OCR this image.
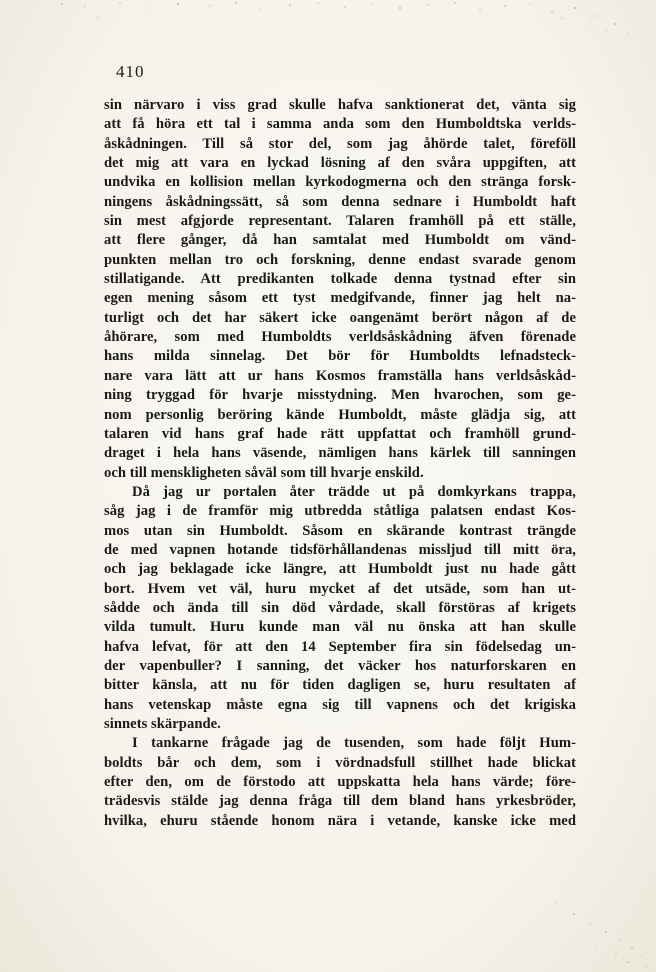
410
sin närvaro i viss grad skulle hafva sanktionerat det, vänta sig
att få höra ett tal i samma anda som den Humboldtska verlds-
åskådningen. Till så stor del, som jag åhörde talet, föreföll
det mig att vara en lyckad lösning af den svåra uppgiften, att
undvika en kollision mellan kyrkodogmerna och den stränga forsk-
ningens åskådningssätt, så som denna sednare i Humboldt haft
sin mest afgjorde representant. Talaren framhöll på ett ställe,
att flere gånger, då han samtalat med Humboldt om vänd-
punkten mellan tro och forskning, denne endast svarade genom
stillatigande. Att predikanten tolkade denna tystnad efter sin
egen mening såsom ett tyst medgifvande, finner jag helt na-
turligt och det har säkert icke oangenämt berört någon af de
åhörare, som med Humboldts verldsåskådning äfven förenade
hans milda sinnelag. Det bör för Humboldts lefnadsteck-
nare vara lätt att ur hans Kosmos framställa hans verldsåskåd-
ning tryggad för hvarje misstydning. Men hvarochen, som ge-
nom personlig beröring kände Humboldt, måste glädja sig, att
talaren vid hans graf hade rätt uppfattat och framhöll grund-
draget i hela hans väsende, nämligen hans kärlek till sanningen
och till menskligheten såväl som till hvarje enskild.
Då jag ur portalen åter trädde ut på domkyrkans trappa,
såg jag i de framför mig utbredda ståtliga palatsen endast Kos-
mos utan sin Humboldt. Såsom en skärande kontrast trängde
de med vapnen hotande tidsförhållandenas missljud till mitt öra,
och jag beklagade icke längre, att Humboldt just nu hade gått
bort. Hvem vet väl, huru mycket af det utsäde, som han ut-
sådde och ända till sin död vårdade, skall förstöras af krigets
vilda tumult. Huru kunde man väl nu önska att han skulle
hafva lefvat, för att den 14 September fira sin födelsedag un-
der vapenbuller? I sanning, det väcker hos naturforskaren en
bitter känsla, att nu för tiden dagligen se, huru resultaten af
hans vetenskap måste egna sig till vapnens och det krigiska
sinnets skärpande.
I tankarne frågade jag de tusenden, som hade följt Hum-
boldts bår och dem, som i vördnadsfull stillhet hade blickat
efter den, om de förstodo att uppskatta hela hans värde; före-
trädesvis stälde jag denna fråga till dem bland hans yrkesbröder,
hvilka, ehuru stående honom nära i vetande, kanske icke med
